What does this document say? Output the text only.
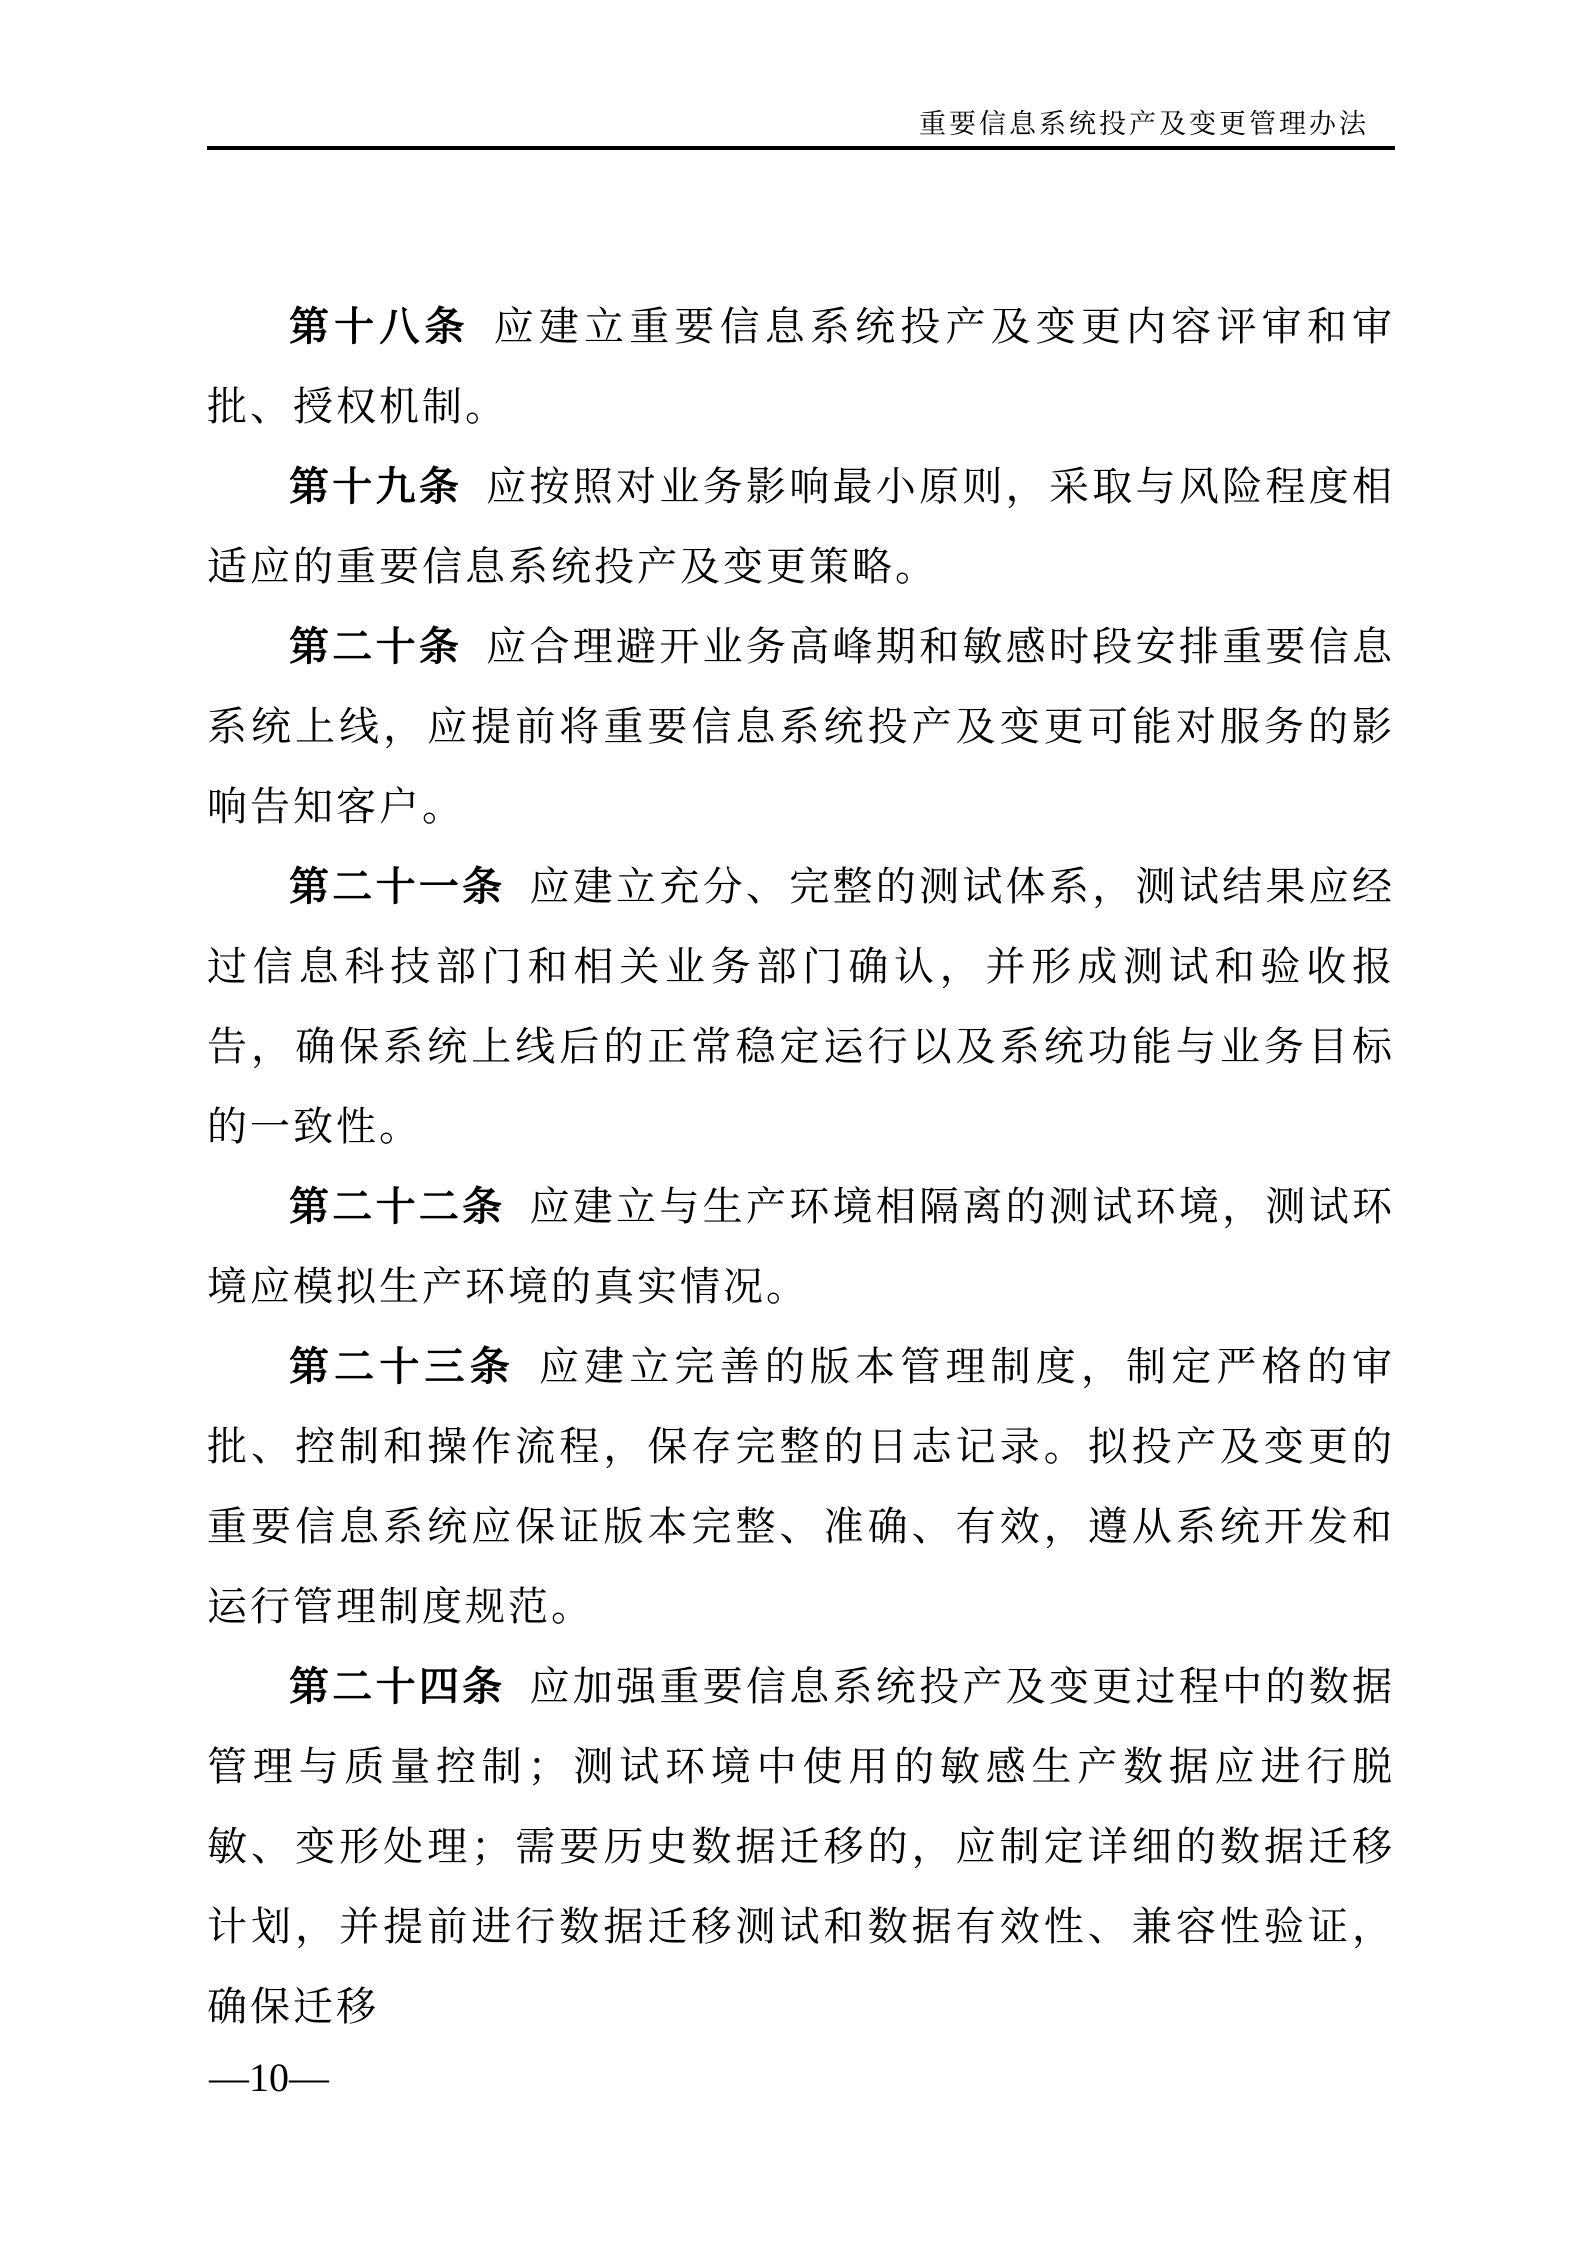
重要信息系统投产及变更管理办法

第十八条 应建立重要信息系统投产及变更内容评审和审批、授权机制。

第十九条 应按照对业务影响最小原则，采取与风险程度相适应的重要信息系统投产及变更策略。

第二十条 应合理避开业务高峰期和敏感时段安排重要信息系统上线，应提前将重要信息系统投产及变更可能对服务的影响告知客户。

第二十一条 应建立充分、完整的测试体系，测试结果应经过信息科技部门和相关业务部门确认，并形成测试和验收报告，确保系统上线后的正常稳定运行以及系统功能与业务目标的一致性。

第二十二条 应建立与生产环境相隔离的测试环境，测试环境应模拟生产环境的真实情况。

第二十三条 应建立完善的版本管理制度，制定严格的审批、控制和操作流程，保存完整的日志记录。拟投产及变更的重要信息系统应保证版本完整、准确、有效，遵从系统开发和运行管理制度规范。

第二十四条 应加强重要信息系统投产及变更过程中的数据管理与质量控制；测试环境中使用的敏感生产数据应进行脱敏、变形处理；需要历史数据迁移的，应制定详细的数据迁移计划，并提前进行数据迁移测试和数据有效性、兼容性验证，确保迁移

—10—
